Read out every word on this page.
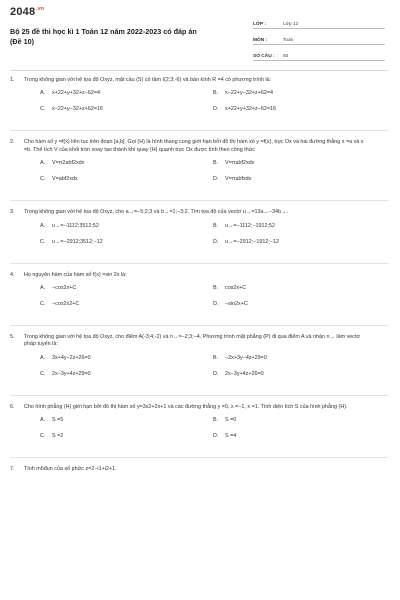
$2048^{.vn}$
Bộ 25 đề thi học kì 1 Toán 12 năm 2022-2023 có đáp án
(Đề 10)
LỚP :	Lớp 12
MÔN :	Toán
SỐ CÂU :	50
1.	Trong không gian với hệ tọa độ Oxyz, mặt cầu (S) có tâm I(2;3;-6) và bán kính R =4 có phương trình là:
A.	x+22+y+32+z−62=4	B.	x−22+y−32+z+62=4
C.	x−22+y−32+z+62=16	D.	x+22+y+32+z−62=16
2.	Cho hàm số y =f(x) liên tục trên đoạn [a,b]. Gọi (H) là hình thang cong giới hạn bởi đồ thị hàm số y =f(x), trục Ox và hai đường thẳng x =a và x =b. Thể tích V của khối tròn xoay tạo thành khi quay (H) quanh trục Ox được tính theo công thức
A.	V=π2abf2xdx	B.	V=πabf2xdx
C.	V=abf2xdx	D.	V=πabfxdx
3.	Trong không gian với hệ tọa độ Oxyz, cho a→=−5;2;3 và b→=1;−3;2. Tìm tọa độ của vectơ u→=13a→−34b→.
A.	u→=−1112;3512;52	B.	u→=−1112;−1912;52
C.	u→=−2912;3512;−12	D.	u→=−2912;−1912;−12
4.	Họ nguyên hàm của hàm số f(x) =sin 2x là:
A.	−cos2x+C	B.	cos2x+C
C.	−cos2x2+C	D.	−sin2x+C
5.	Trong không gian với hệ tọa độ Oxyz, cho điểm A(-3;4;-2) và n→=−2;3;−4. Phương trình mặt phẳng (P) đi qua điểm A và nhận n→ làm vectơ pháp tuyến là:
A.	3x+4y−2z+26=0	B.	−2x+3y−4z+29=0
C.	2x−3y+4z+29=0	D.	2x−3y+4z+26=0
6.	Cho hình phẳng (H) giới hạn bởi đồ thị hàm số y=3x2+2x+1 và các đường thẳng y =0, x =−1, x =1. Tính diện tích S của hình phẳng (H).
A.	S =5	B.	S =0
C.	S =2	D.	S =4
7.	Tính môđun của số phức z=2−i1+i2+1.
